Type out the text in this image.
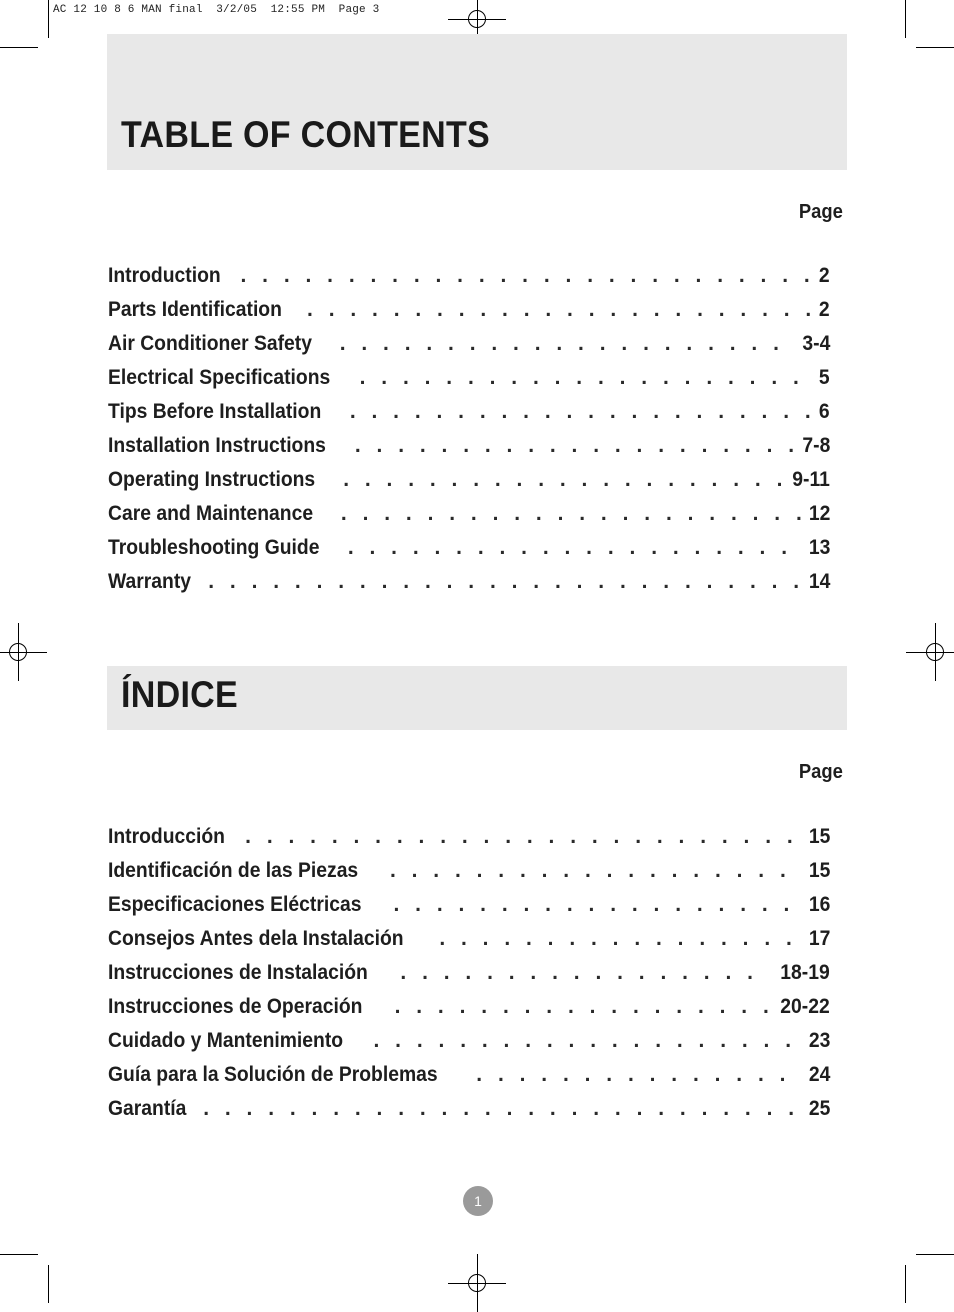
AC 12 10 8 6 MAN final  3/2/05  12:55 PM  Page 3
TABLE OF CONTENTS
Page
Introduction . . .	2
Parts Identification . . .	2
Air Conditioner Safety . . .	3-4
Electrical Specifications . . .	5
Tips Before Installation . . .	6
Installation Instructions . . .	7-8
Operating Instructions . . .	9-11
Care and Maintenance . . .	12
Troubleshooting Guide . . .	13
Warranty . . .	14
ÍNDICE
Page
Introducción . . .	15
Identificación de las Piezas . . .	15
Especificaciones Eléctricas . . .	16
Consejos Antes dela Instalación . . .	17
Instrucciones de Instalación . . .	18-19
Instrucciones de Operación . . .	20-22
Cuidado y Mantenimiento . . .	23
Guía para la Solución de Problemas . . .	24
Garantía . . .	25
1
